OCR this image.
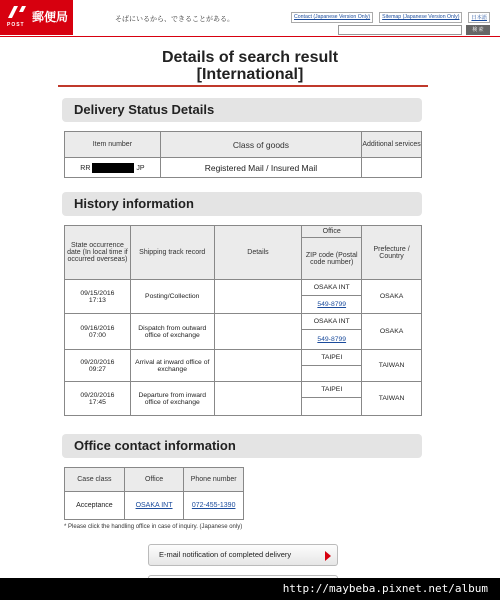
POST
郵便局	そばにいるから、できることがある。	Contact (Japanese Version Only)	Sitemap (Japanese Version Only)	日本語
検 索
Details of search result
[International]
Delivery Status Details
Item number	Class of goods	Additional services
RR JP	Registered Mail / Insured Mail	
History information
State occurrence date (In local time if occurred overseas)	Shipping track record	Details	Office	Prefecture / Country
			ZIP code (Postal code number)	

09/15/2016
17:13	Posting/Collection		OSAKA INT	OSAKA
			549-8799	

09/16/2016
07:00	Dispatch from outward office of exchange		OSAKA INT	OSAKA
			549-8799	

09/20/2016
09:27	Arrival at inward office of exchange		TAIPEI	TAIWAN

09/20/2016
17:45	Departure from inward office of exchange		TAIPEI	TAIWAN

Office contact information
Case class	Office	Phone number
Acceptance	OSAKA INT	072-455-1390
* Please click the handling office in case of inquiry. (Japanese only)
E-mail notification of completed delivery
http://maybeba.pixnet.net/album
